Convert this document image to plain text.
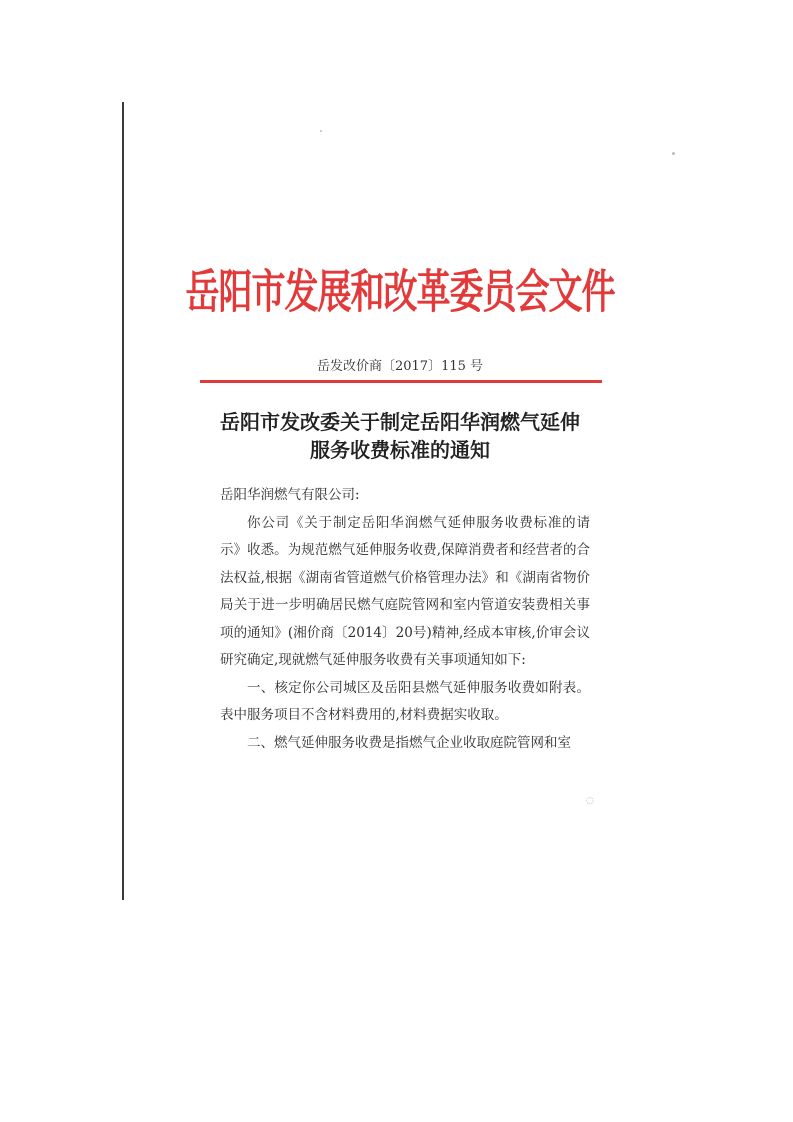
岳阳市发展和改革委员会文件
岳发改价商〔2017〕115 号
岳阳市发改委关于制定岳阳华润燃气延伸
服务收费标准的通知

岳阳华润燃气有限公司:

你公司《关于制定岳阳华润燃气延伸服务收费标准的请示》收悉。为规范燃气延伸服务收费,保障消费者和经营者的合法权益,根据《湖南省管道燃气价格管理办法》和《湖南省物价局关于进一步明确居民燃气庭院管网和室内管道安装费相关事项的通知》(湘价商〔2014〕20号)精神,经成本审核,价审会议研究确定,现就燃气延伸服务收费有关事项通知如下:

一、核定你公司城区及岳阳县燃气延伸服务收费如附表。表中服务项目不含材料费用的,材料费据实收取。

二、燃气延伸服务收费是指燃气企业收取庭院管网和室

◌
